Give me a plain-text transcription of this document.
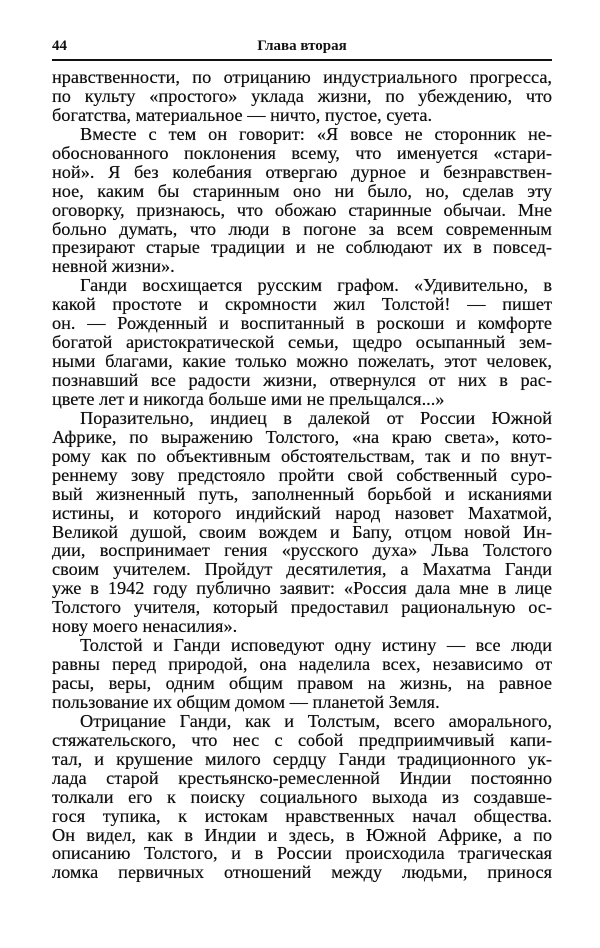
44	Глава вторая
нравственности, по отрицанию индустриального прогресса,
по культу «простого» уклада жизни, по убеждению, что
богатства, материальное — ничто, пустое, суета.
Вместе с тем он говорит: «Я вовсе не сторонник не-
обоснованного поклонения всему, что именуется «стари-
ной». Я без колебания отвергаю дурное и безнравствен-
ное, каким бы старинным оно ни было, но, сделав эту
оговорку, признаюсь, что обожаю старинные обычаи. Мне
больно думать, что люди в погоне за всем современным
презирают старые традиции и не соблюдают их в повсед-
невной жизни».
Ганди восхищается русским графом. «Удивительно, в
какой простоте и скромности жил Толстой! — пишет
он. — Рожденный и воспитанный в роскоши и комфорте
богатой аристократической семьи, щедро осыпанный зем-
ными благами, какие только можно пожелать, этот человек,
познавший все радости жизни, отвернулся от них в рас-
цвете лет и никогда больше ими не прельщался...»
Поразительно, индиец в далекой от России Южной
Африке, по выражению Толстого, «на краю света», кото-
рому как по объективным обстоятельствам, так и по внут-
реннему зову предстояло пройти свой собственный суро-
вый жизненный путь, заполненный борьбой и исканиями
истины, и которого индийский народ назовет Махатмой,
Великой душой, своим вождем и Бапу, отцом новой Ин-
дии, воспринимает гения «русского духа» Льва Толстого
своим учителем. Пройдут десятилетия, а Махатма Ганди
уже в 1942 году публично заявит: «Россия дала мне в лице
Толстого учителя, который предоставил рациональную ос-
нову моего ненасилия».
Толстой и Ганди исповедуют одну истину — все люди
равны перед природой, она наделила всех, независимо от
расы, веры, одним общим правом на жизнь, на равное
пользование их общим домом — планетой Земля.
Отрицание Ганди, как и Толстым, всего аморального,
стяжательского, что нес с собой предприимчивый капи-
тал, и крушение милого сердцу Ганди традиционного ук-
лада старой крестьянско-ремесленной Индии постоянно
толкали его к поиску социального выхода из создавше-
гося тупика, к истокам нравственных начал общества.
Он видел, как в Индии и здесь, в Южной Африке, а по
описанию Толстого, и в России происходила трагическая
ломка первичных отношений между людьми, принося
